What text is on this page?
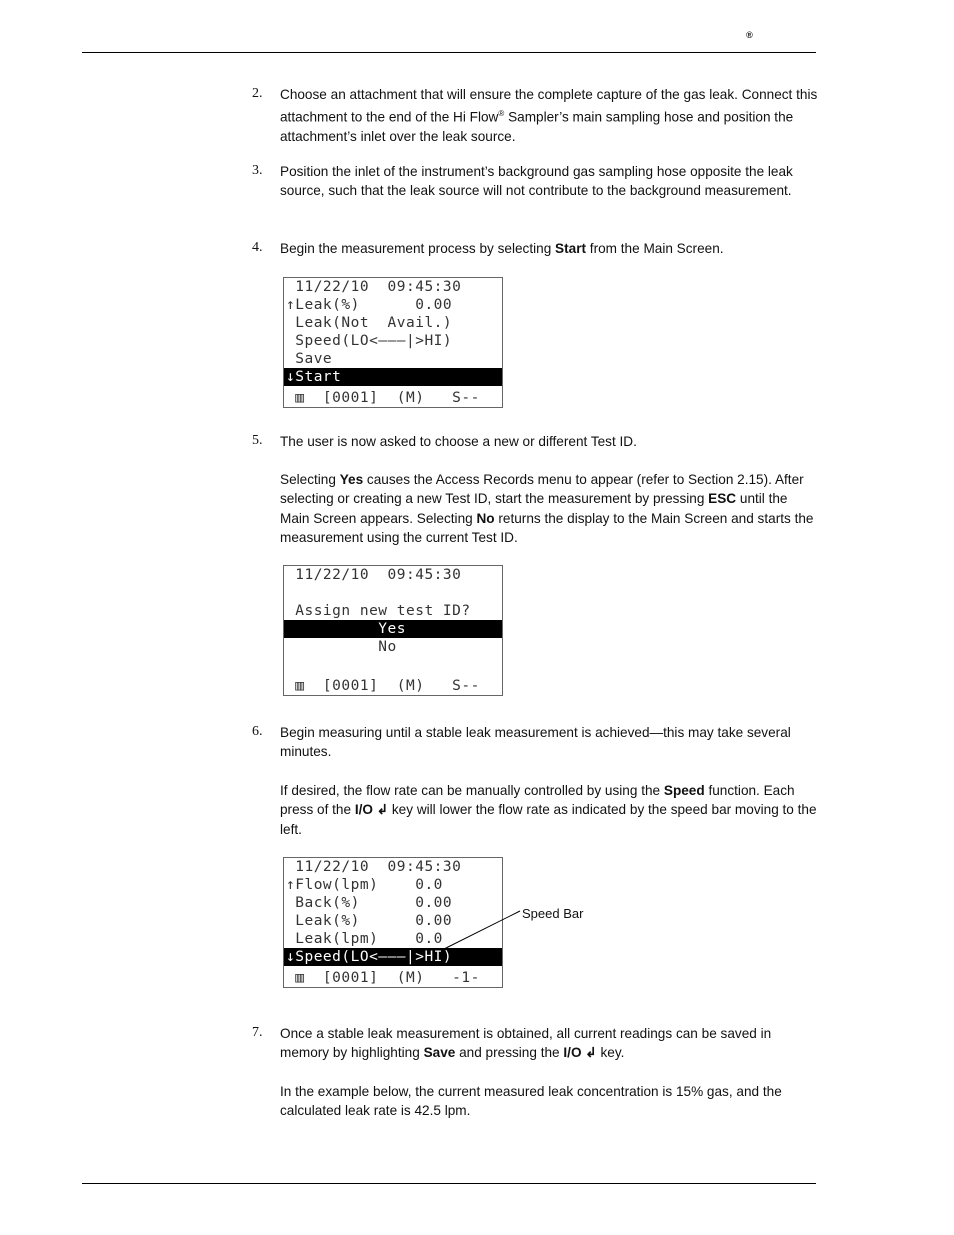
®
2. Choose an attachment that will ensure the complete capture of the gas leak. Connect this attachment to the end of the Hi Flow® Sampler’s main sampling hose and position the attachment’s inlet over the leak source.

3. Position the inlet of the instrument’s background gas sampling hose opposite the leak source, such that the leak source will not contribute to the background measurement.

4. Begin the measurement process by selecting Start from the Main Screen.

11/22/10  09:45:30
↑Leak(%)      0.00
Leak(Not  Avail.)
Speed(LO<———|>HI)
Save
↓Start
▥  [0001]  (M)   S--
5. The user is now asked to choose a new or different Test ID.

Selecting Yes causes the Access Records menu to appear (refer to Section 2.15). After selecting or creating a new Test ID, start the measurement by pressing ESC until the Main Screen appears. Selecting No returns the display to the Main Screen and starts the measurement using the current Test ID.

11/22/10  09:45:30
Assign new test ID?
Yes
No
▥  [0001]  (M)   S--
6. Begin measuring until a stable leak measurement is achieved—this may take several minutes.

If desired, the flow rate can be manually controlled by using the Speed function. Each press of the I/O ↲ key will lower the flow rate as indicated by the speed bar moving to the left.

11/22/10  09:45:30
↑Flow(lpm)    0.0
Back(%)      0.00
Leak(%)      0.00
Leak(lpm)    0.0
↓Speed(LO<———|>HI)
▥  [0001]  (M)   -1-
Speed Bar
7. Once a stable leak measurement is obtained, all current readings can be saved in memory by highlighting Save and pressing the I/O ↲ key.

In the example below, the current measured leak concentration is 15% gas, and the calculated leak rate is 42.5 lpm.
